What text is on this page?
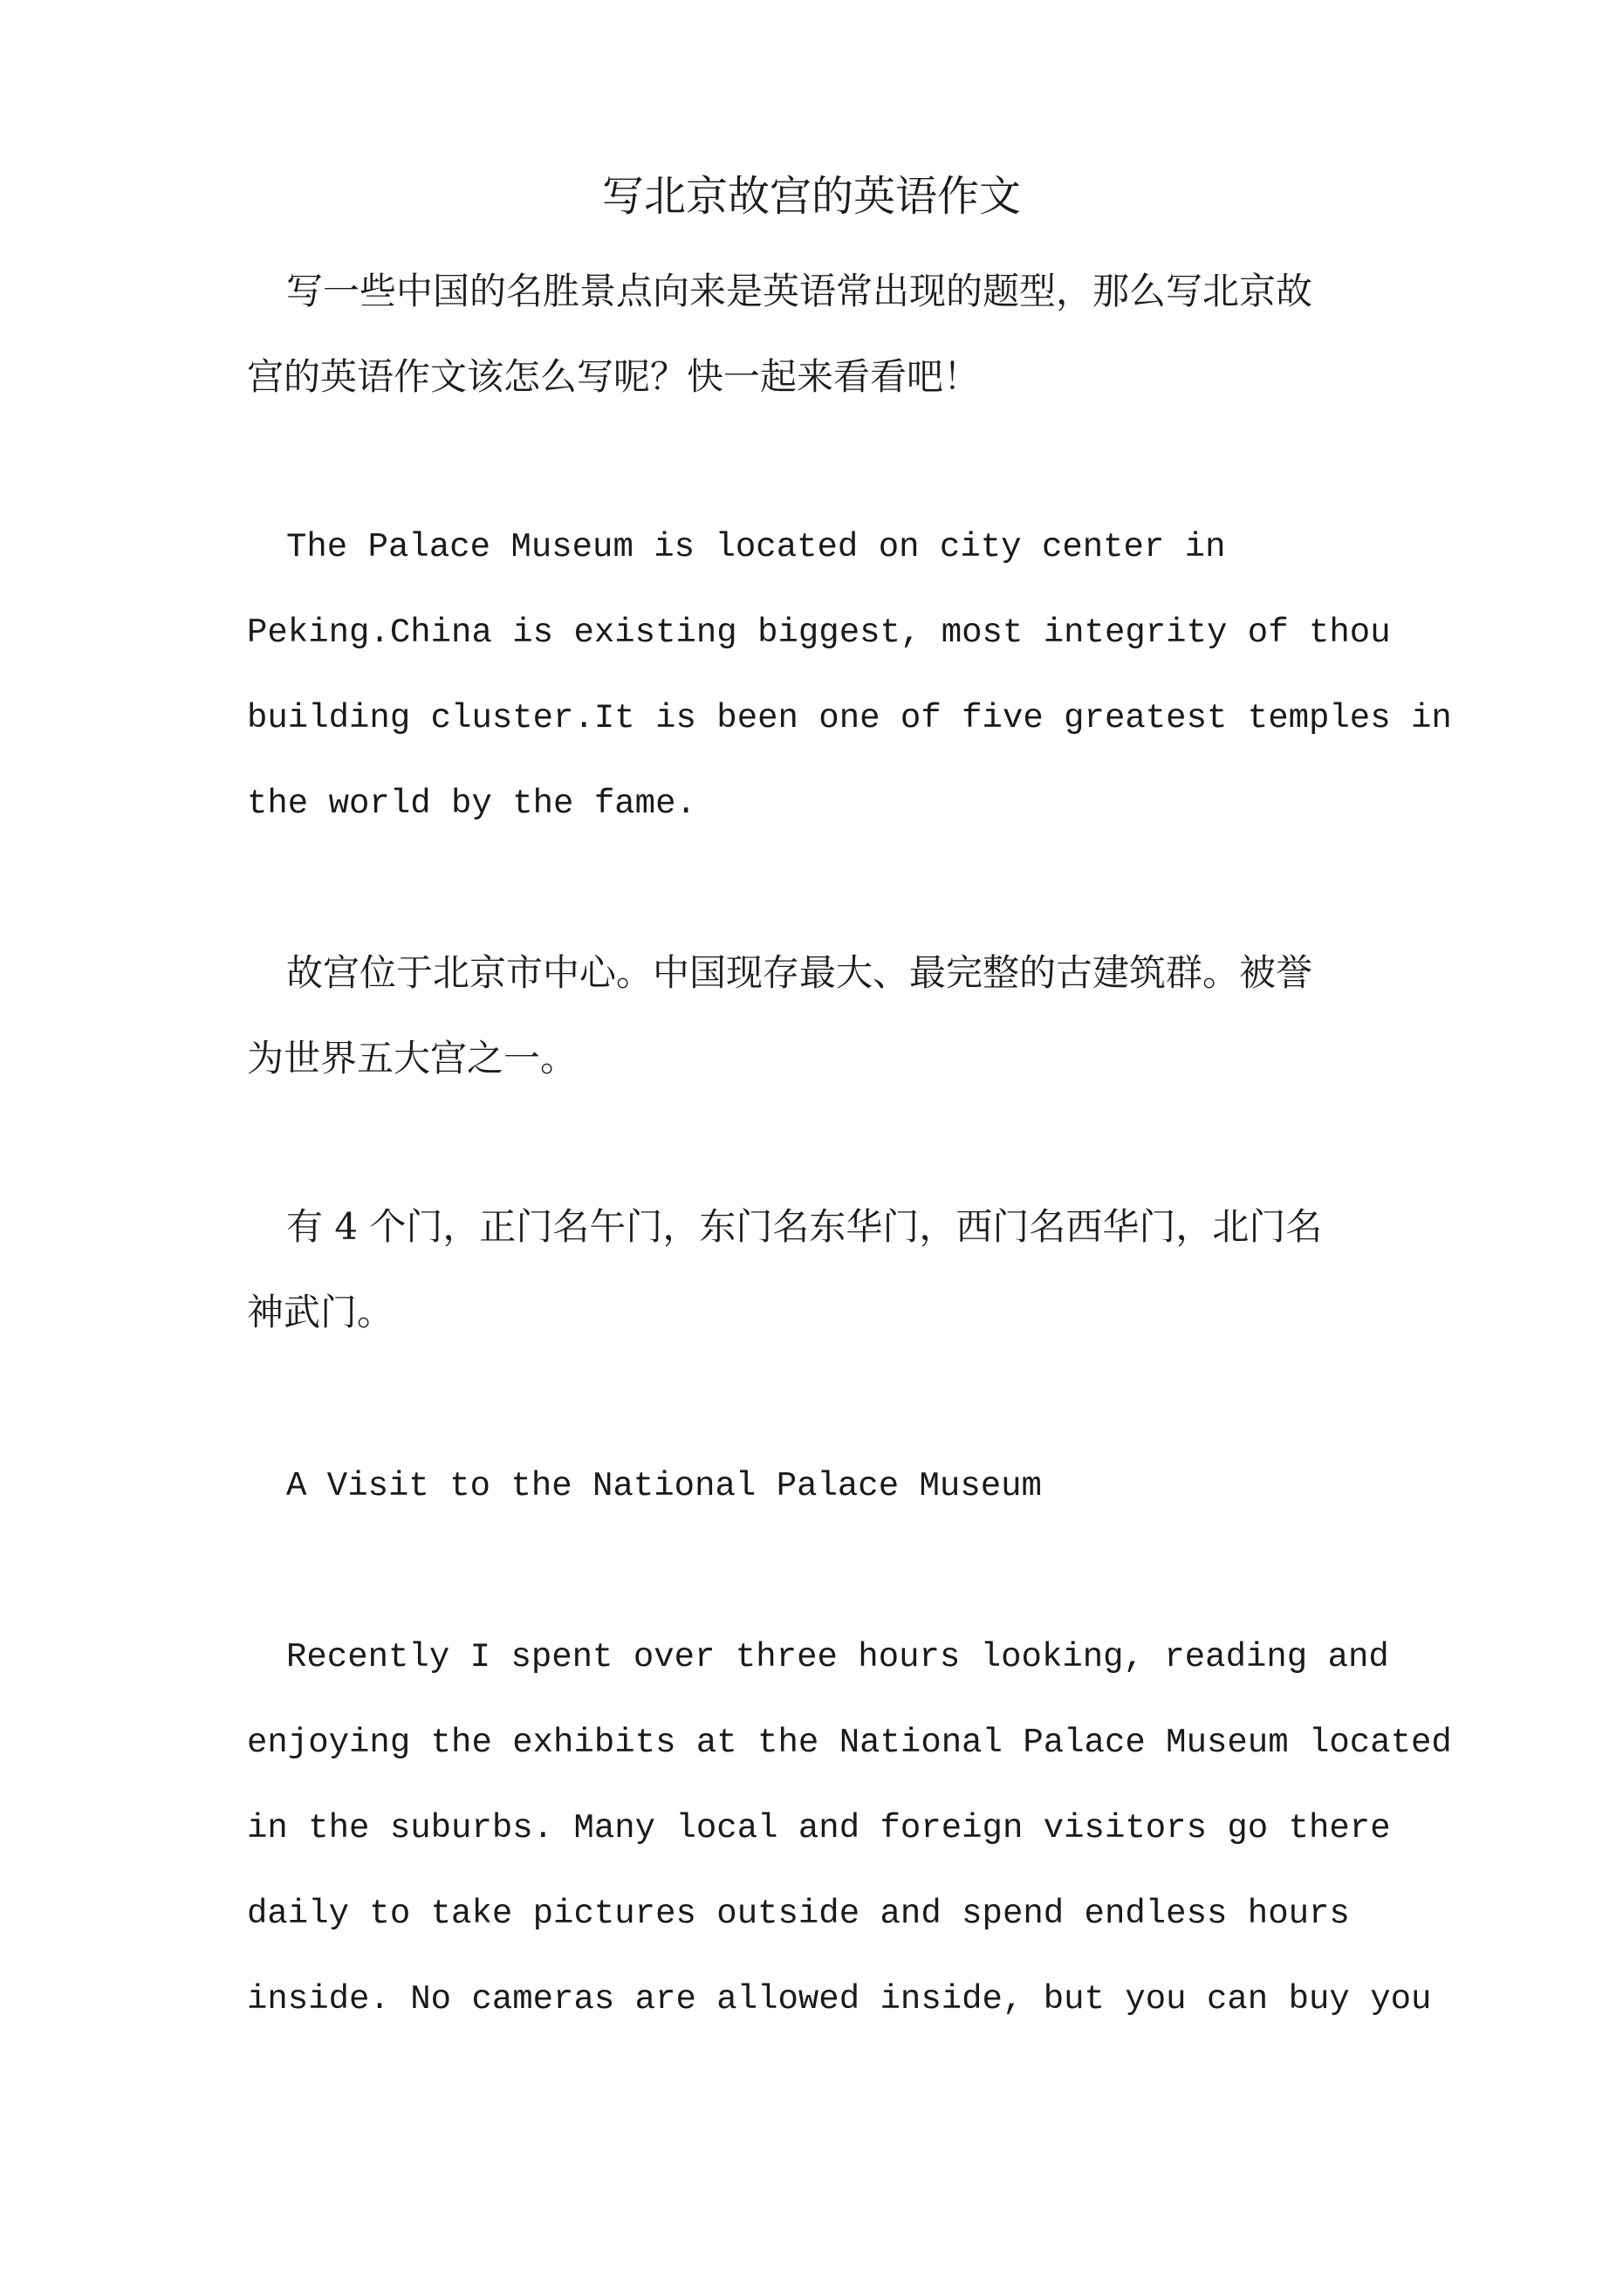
写北京故宫的英语作文

写一些中国的名胜景点向来是英语常出现的题型，那么写北京故
宫的英语作文该怎么写呢？快一起来看看吧！

The Palace Museum is located on city center in
Peking.China is existing biggest, most integrity of thou
building cluster.It is been one of five greatest temples in
the world by the fame.

故宫位于北京市中心。中国现存最大、最完整的古建筑群。被誉
为世界五大宫之一。

有 4 个门，正门名午门，东门名东华门，西门名西华门，北门名
神武门。

A Visit to the National Palace Museum

Recently I spent over three hours looking, reading and
enjoying the exhibits at the National Palace Museum located
in the suburbs. Many local and foreign visitors go there
daily to take pictures outside and spend endless hours
inside. No cameras are allowed inside, but you can buy you
